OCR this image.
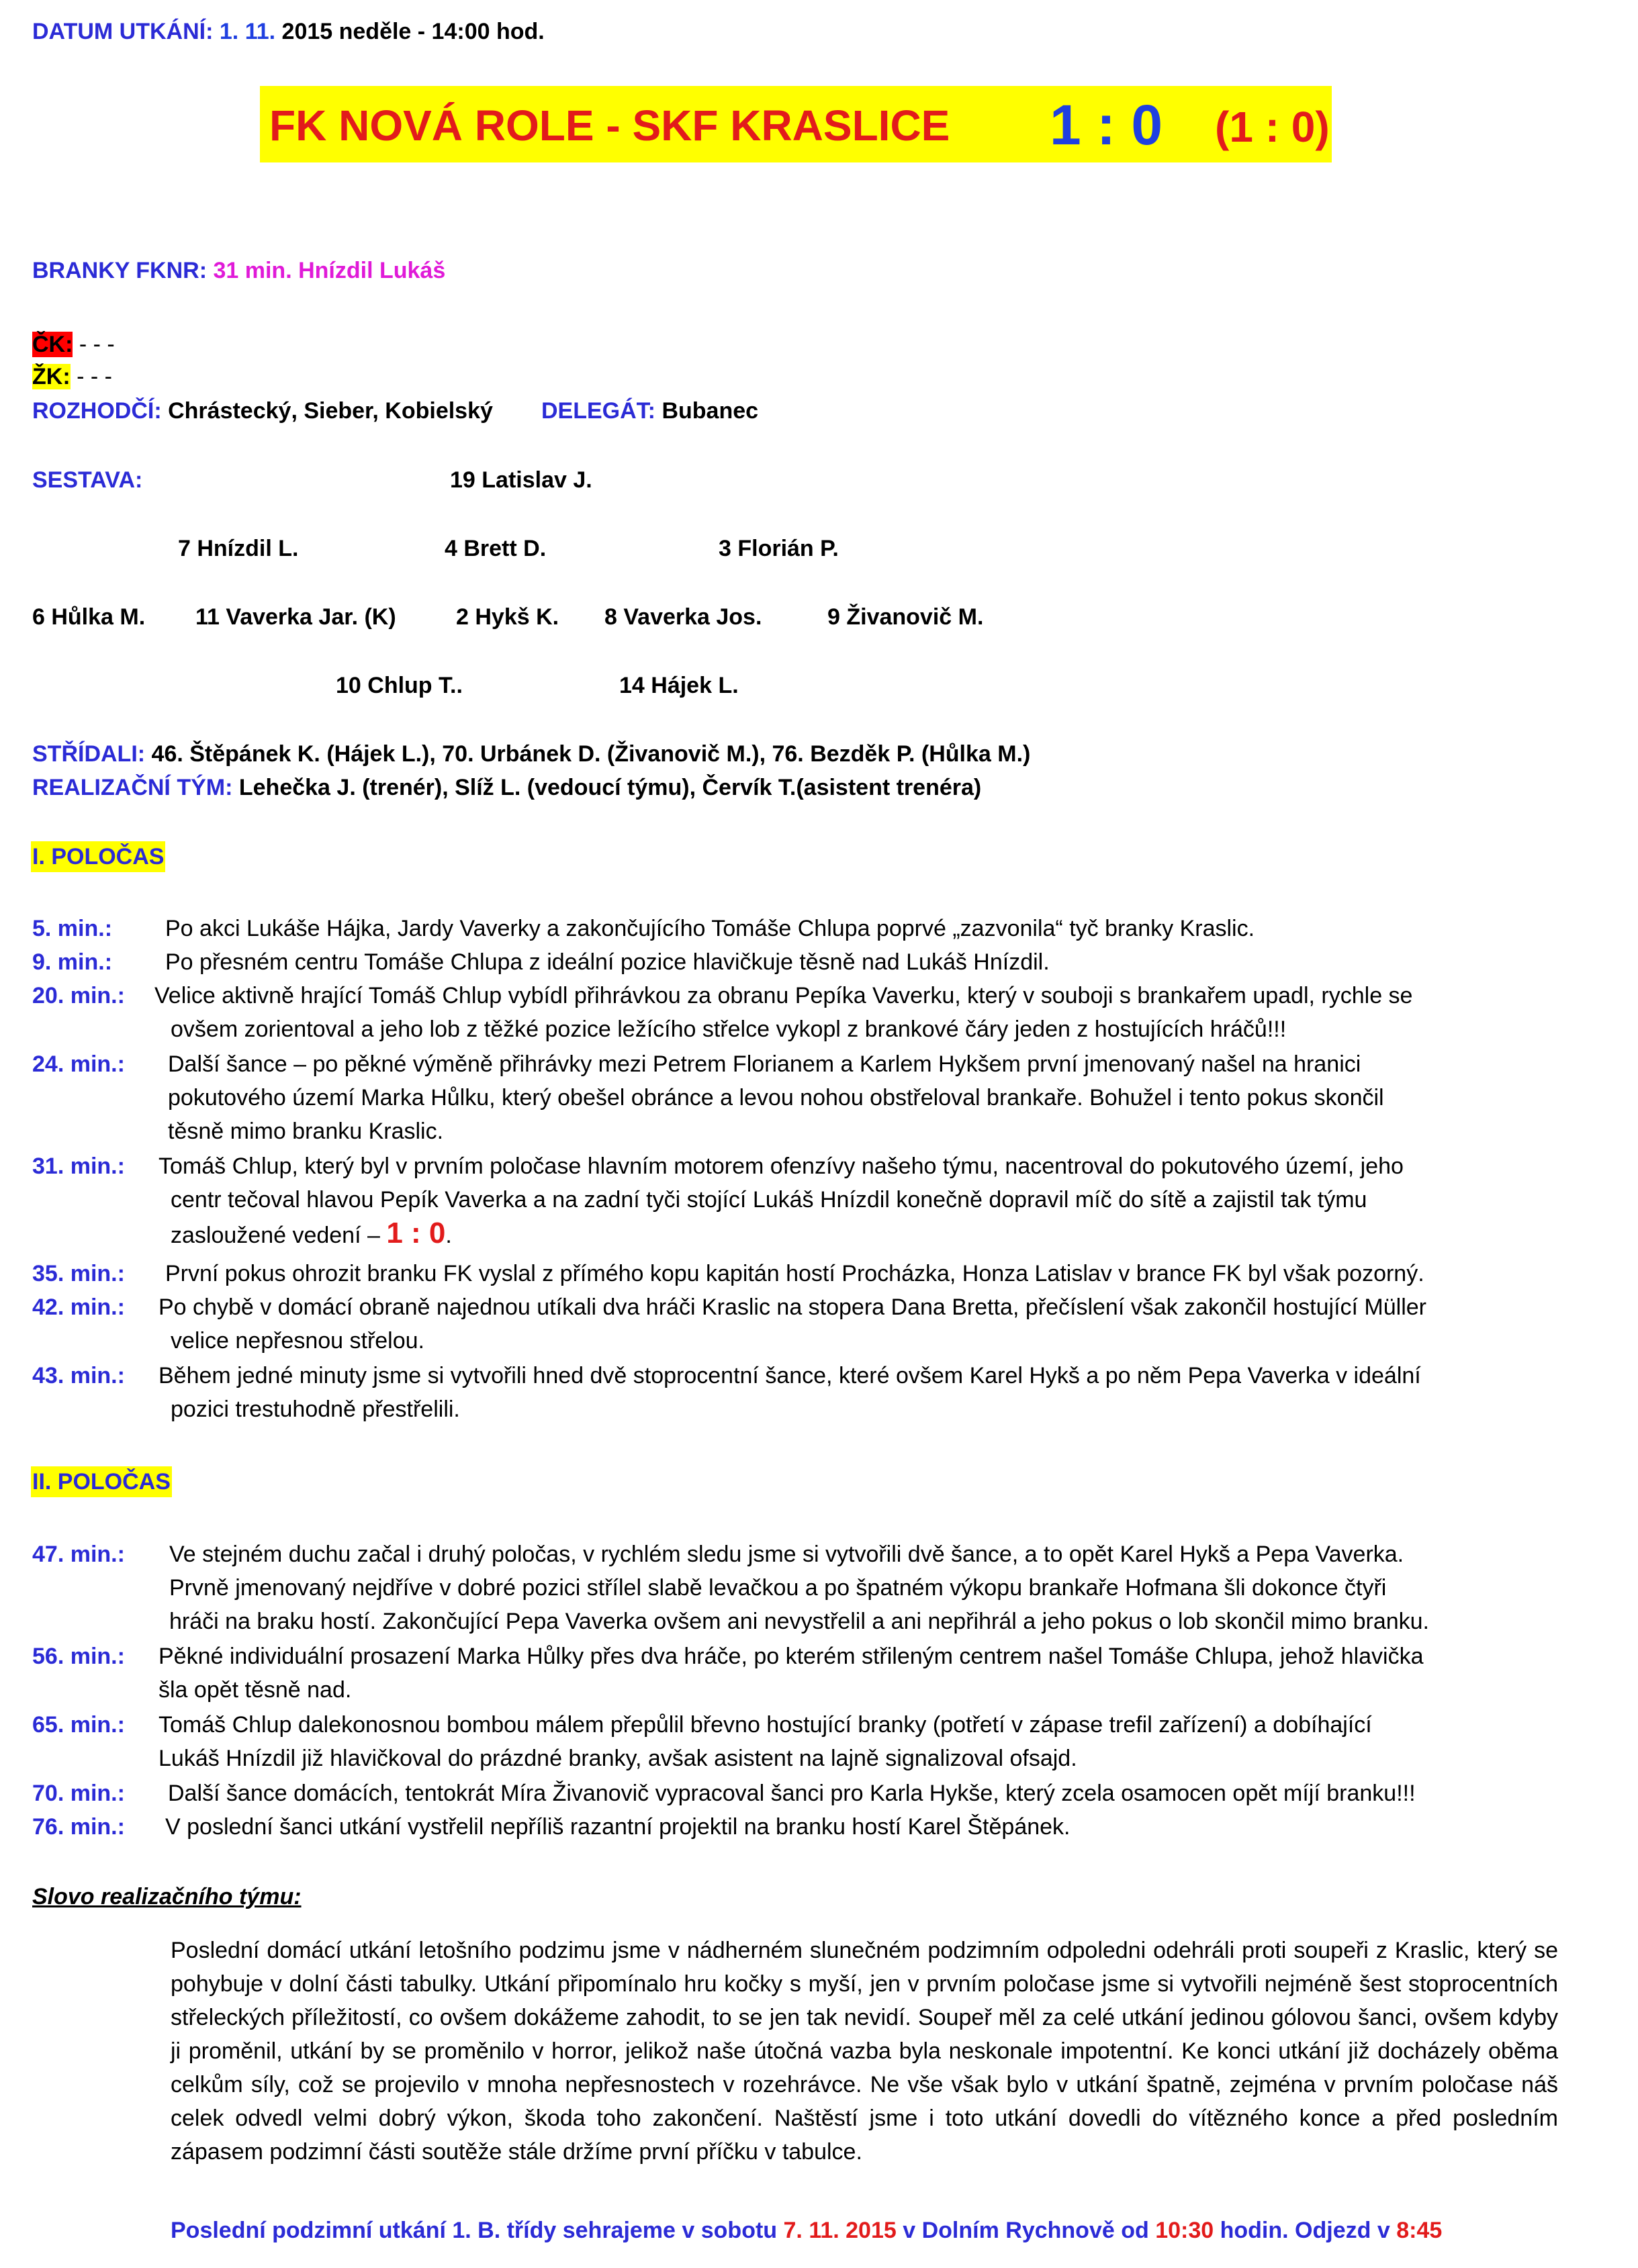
DATUM UTKÁNÍ: 1. 11. 2015 neděle - 14:00 hod.
FK NOVÁ ROLE - SKF KRASLICE 1 : 0 (1 : 0)
BRANKY FKNR: 31 min. Hnízdil Lukáš
ČK: - - -
ŽK: - - -
ROZHODČÍ: Chrástecký, Sieber, Kobielský DELEGÁT: Bubanec
SESTAVA:	19 Latislav J.
7 Hnízdil L.	4 Brett D.	3 Florián P.
6 Hůlka M. 11 Vaverka Jar. (K)	2 Hykš K. 8 Vaverka Jos.	9 Živanovič M.
10 Chlup T..	14 Hájek L.
STŘÍDALI: 46. Štěpánek K. (Hájek L.), 70. Urbánek D. (Živanovič M.), 76. Bezděk P. (Hůlka M.)
REALIZAČNÍ TÝM: Lehečka J. (trenér), Slíž L. (vedoucí týmu), Červík T.(asistent trenéra)
I. POLOČAS
5. min.: Po akci Lukáše Hájka, Jardy Vaverky a zakončujícího Tomáše Chlupa poprvé „zazvonila“ tyč branky Kraslic.
9. min.: Po přesném centru Tomáše Chlupa z ideální pozice hlavičkuje těsně nad Lukáš Hnízdil.
20. min.: Velice aktivně hrající Tomáš Chlup vybídl přihrávkou za obranu Pepíka Vaverku, který v souboji s brankařem upadl, rychle se
ovšem zorientoval a jeho lob z těžké pozice ležícího střelce vykopl z brankové čáry jeden z hostujících hráčů!!!
24. min.: Další šance – po pěkné výměně přihrávky mezi Petrem Florianem a Karlem Hykšem první jmenovaný našel na hranici
pokutového území Marka Hůlku, který obešel obránce a levou nohou obstřeloval brankaře. Bohužel i tento pokus skončil
těsně mimo branku Kraslic.
31. min.: Tomáš Chlup, který byl v prvním poločase hlavním motorem ofenzívy našeho týmu, nacentroval do pokutového území, jeho
centr tečoval hlavou Pepík Vaverka a na zadní tyči stojící Lukáš Hnízdil konečně dopravil míč do sítě a zajistil tak týmu
zasloužené vedení – 1 : 0.
35. min.: První pokus ohrozit branku FK vyslal z přímého kopu kapitán hostí Procházka, Honza Latislav v brance FK byl však pozorný.
42. min.: Po chybě v domácí obraně najednou utíkali dva hráči Kraslic na stopera Dana Bretta, přečíslení však zakončil hostující Müller
velice nepřesnou střelou.
43. min.: Během jedné minuty jsme si vytvořili hned dvě stoprocentní šance, které ovšem Karel Hykš a po něm Pepa Vaverka v ideální
pozici trestuhodně přestřelili.
II. POLOČAS
47. min.: Ve stejném duchu začal i druhý poločas, v rychlém sledu jsme si vytvořili dvě šance, a to opět Karel Hykš a Pepa Vaverka.
Prvně jmenovaný nejdříve v dobré pozici střílel slabě levačkou a po špatném výkopu brankaře Hofmana šli dokonce čtyři
hráči na braku hostí. Zakončující Pepa Vaverka ovšem ani nevystřelil a ani nepřihrál a jeho pokus o lob skončil mimo branku.
56. min.: Pěkné individuální prosazení Marka Hůlky přes dva hráče, po kterém střileným centrem našel Tomáše Chlupa, jehož hlavička
šla opět těsně nad.
65. min.: Tomáš Chlup dalekonosnou bombou málem přepůlil břevno hostující branky (potřetí v zápase trefil zařízení) a dobíhající
Lukáš Hnízdil již hlavičkoval do prázdné branky, avšak asistent na lajně signalizoval ofsajd.
70. min.: Další šance domácích, tentokrát Míra Živanovič vypracoval šanci pro Karla Hykše, který zcela osamocen opět míjí branku!!!
76. min.: V poslední šanci utkání vystřelil nepříliš razantní projektil na branku hostí Karel Štěpánek.
Slovo realizačního týmu:
Poslední domácí utkání letošního podzimu jsme v nádherném slunečném podzimním odpoledni odehráli proti soupeři z Kraslic, který se pohybuje v dolní části tabulky. Utkání připomínalo hru kočky s myší, jen v prvním poločase jsme si vytvořili nejméně šest stoprocentních střeleckých příležitostí, co ovšem dokážeme zahodit, to se jen tak nevidí. Soupeř měl za celé utkání jedinou gólovou šanci, ovšem kdyby ji proměnil, utkání by se proměnilo v horror, jelikož naše útočná vazba byla neskonale impotentní. Ke konci utkání již docházely oběma celkům síly, což se projevilo v mnoha nepřesnostech v rozehrávce. Ne vše však bylo v utkání špatně, zejména v prvním poločase náš celek odvedl velmi dobrý výkon, škoda toho zakončení. Naštěstí jsme i toto utkání dovedli do vítězného konce a před posledním zápasem podzimní části soutěže stále držíme první příčku v tabulce.
Poslední podzimní utkání 1. B. třídy sehrajeme v sobotu 7. 11. 2015 v Dolním Rychnově od 10:30 hodin. Odjezd v 8:45
